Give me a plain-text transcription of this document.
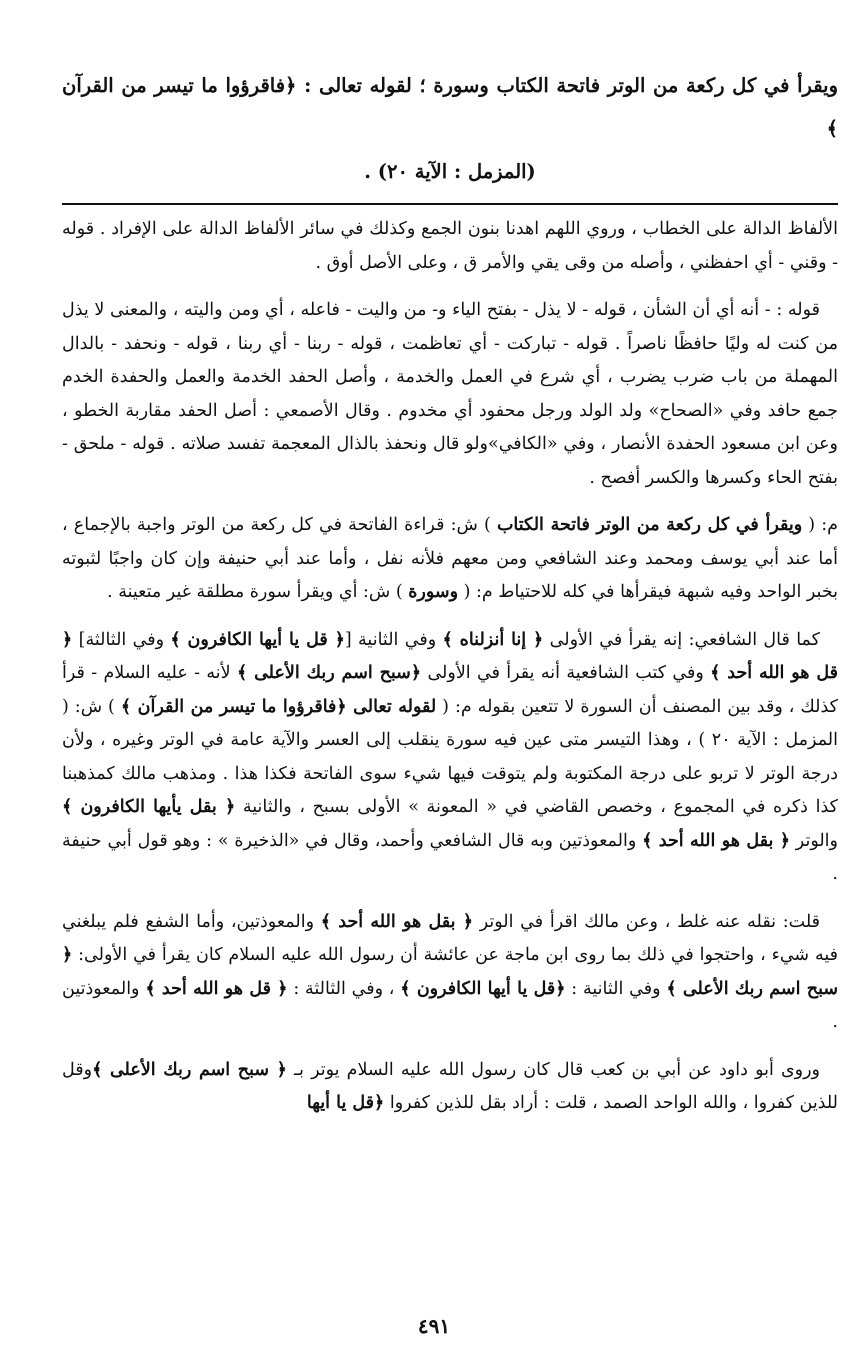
ويقرأ في كل ركعة من الوتر فاتحة الكتاب وسورة ؛ لقوله تعالى : ﴿فاقرؤوا ما تيسر من القرآن ﴾
(المزمل : الآية ٢٠) .

الألفاظ الدالة على الخطاب ، وروي اللهم اهدنا بنون الجمع وكذلك في سائر الألفاظ الدالة على الإفراد . قوله - وقني - أي احفظني ، وأصله من وقى يقي والأمر ق ، وعلى الأصل أوق .

قوله : - أنه أي أن الشأن ، قوله - لا يذل - بفتح الياء و- من واليت - فاعله ، أي ومن واليته ، والمعنى لا يذل من كنت له وليًا حافظًا ناصراً . قوله - تباركت - أي تعاظمت ، قوله - ربنا - أي ربنا ، قوله - ونحفد - بالدال المهملة من باب ضرب يضرب ، أي شرع في العمل والخدمة ، وأصل الحفد الخدمة والعمل والحفدة الخدم جمع حافد وفي «الصحاح» ولد الولد ورجل محفود أي مخدوم . وقال الأصمعي : أصل الحفد مقاربة الخطو ، وعن ابن مسعود الحفدة الأنصار ، وفي «الكافي»ولو قال ونحفذ بالذال المعجمة تفسد صلاته . قوله - ملحق - بفتح الحاء وكسرها والكسر أفصح .

م: ( ويقرأ في كل ركعة من الوتر فاتحة الكتاب ) ش: قراءة الفاتحة في كل ركعة من الوتر واجبة بالإجماع ، أما عند أبي يوسف ومحمد وعند الشافعي ومن معهم فلأنه نفل ، وأما عند أبي حنيفة وإن كان واجبًا لثبوته بخبر الواحد وفيه شبهة فيقرأها في كله للاحتياط م: ( وسورة ) ش: أي ويقرأ سورة مطلقة غير متعينة .

كما قال الشافعي: إنه يقرأ في الأولى ﴿ إنا أنزلناه ﴾ وفي الثانية [﴿ قل يا أيها الكافرون ﴾ وفي الثالثة] ﴿ قل هو الله أحد ﴾ وفي كتب الشافعية أنه يقرأ في الأولى ﴿سبح اسم ربك الأعلى ﴾ لأنه - عليه السلام - قرأ كذلك ، وقد بين المصنف أن السورة لا تتعين بقوله م: ( لقوله تعالى ﴿فاقرؤوا ما تيسر من القرآن ﴾ ) ش: ( المزمل : الآية ٢٠ ) ، وهذا التيسر متى عين فيه سورة ينقلب إلى العسر والآية عامة في الوتر وغيره ، ولأن درجة الوتر لا تربو على درجة المكتوبة ولم يتوقت فيها شيء سوى الفاتحة فكذا هذا . ومذهب مالك كمذهبنا كذا ذكره في المجموع ، وخصص القاضي في « المعونة » الأولى بسبح ، والثانية ﴿ بقل يأيها الكافرون ﴾ والوتر ﴿ بقل هو الله أحد ﴾ والمعوذتين وبه قال الشافعي وأحمد، وقال في «الذخيرة » : وهو قول أبي حنيفة .

قلت: نقله عنه غلط ، وعن مالك اقرأ في الوتر ﴿ بقل هو الله أحد ﴾ والمعوذتين، وأما الشفع فلم يبلغني فيه شيء ، واحتجوا في ذلك بما روى ابن ماجة عن عائشة أن رسول الله عليه السلام كان يقرأ في الأولى: ﴿ سبح اسم ربك الأعلى ﴾ وفي الثانية : ﴿قل يا أيها الكافرون ﴾ ، وفي الثالثة : ﴿ قل هو الله أحد ﴾ والمعوذتين .

وروى أبو داود عن أبي بن كعب قال كان رسول الله عليه السلام يوتر بـ ﴿ سبح اسم ربك الأعلى ﴾وقل للذين كفروا ، والله الواحد الصمد ، قلت : أراد بقل للذين كفروا ﴿قل يا أيها

٤٩١
